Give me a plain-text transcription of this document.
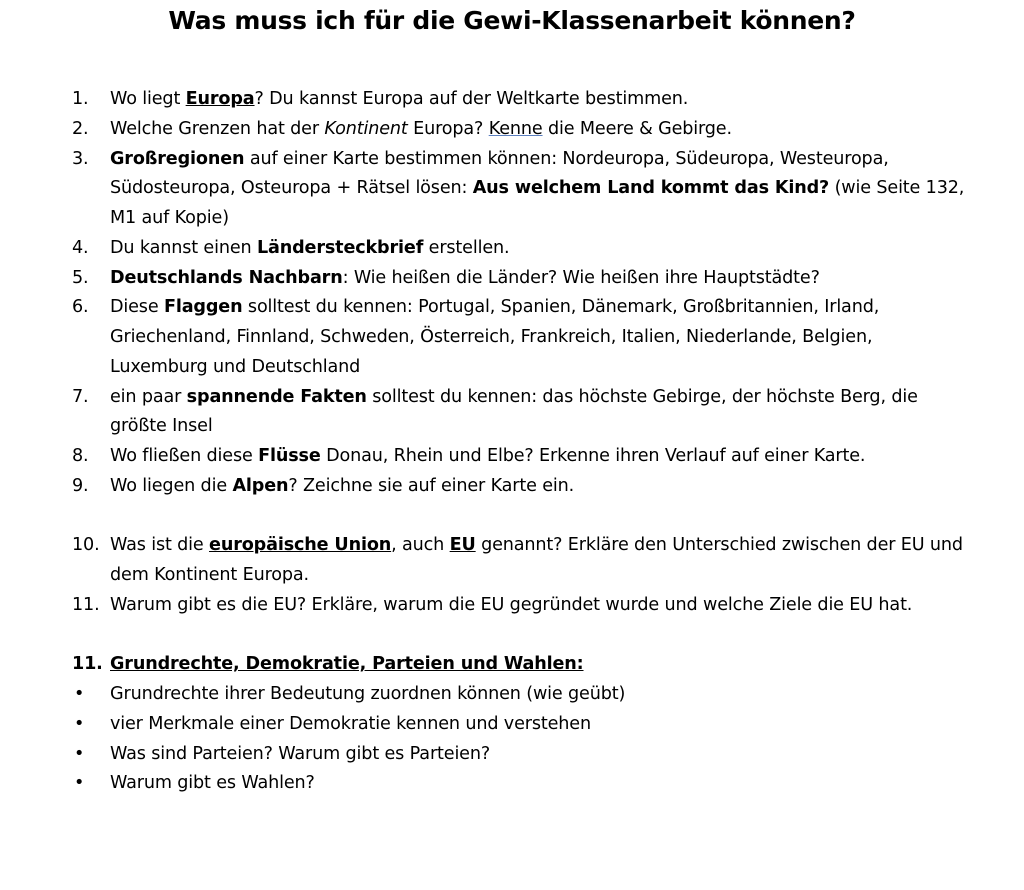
Was muss ich für die Gewi-Klassenarbeit können?
1.	Wo liegt Europa? Du kannst Europa auf der Weltkarte bestimmen.
2.	Welche Grenzen hat der Kontinent Europa? Kenne die Meere & Gebirge.
3.	Großregionen auf einer Karte bestimmen können: Nordeuropa, Südeuropa, Westeuropa, Südosteuropa, Osteuropa + Rätsel lösen: Aus welchem Land kommt das Kind? (wie Seite 132, M1 auf Kopie)
4.	Du kannst einen Ländersteckbrief erstellen.
5.	Deutschlands Nachbarn: Wie heißen die Länder? Wie heißen ihre Hauptstädte?
6.	Diese Flaggen solltest du kennen: Portugal, Spanien, Dänemark, Großbritannien, Irland, Griechenland, Finnland, Schweden, Österreich, Frankreich, Italien, Niederlande, Belgien, Luxemburg und Deutschland
7.	ein paar spannende Fakten solltest du kennen: das höchste Gebirge, der höchste Berg, die größte Insel
8.	Wo fließen diese Flüsse Donau, Rhein und Elbe? Erkenne ihren Verlauf auf einer Karte.
9.	Wo liegen die Alpen? Zeichne sie auf einer Karte ein.
10. Was ist die europäische Union, auch EU genannt? Erkläre den Unterschied zwischen der EU und dem Kontinent Europa.
11. Warum gibt es die EU? Erkläre, warum die EU gegründet wurde und welche Ziele die EU hat.
11. Grundrechte, Demokratie, Parteien und Wahlen:
•	Grundrechte ihrer Bedeutung zuordnen können (wie geübt)
•	vier Merkmale einer Demokratie kennen und verstehen
•	Was sind Parteien? Warum gibt es Parteien?
•	Warum gibt es Wahlen?
